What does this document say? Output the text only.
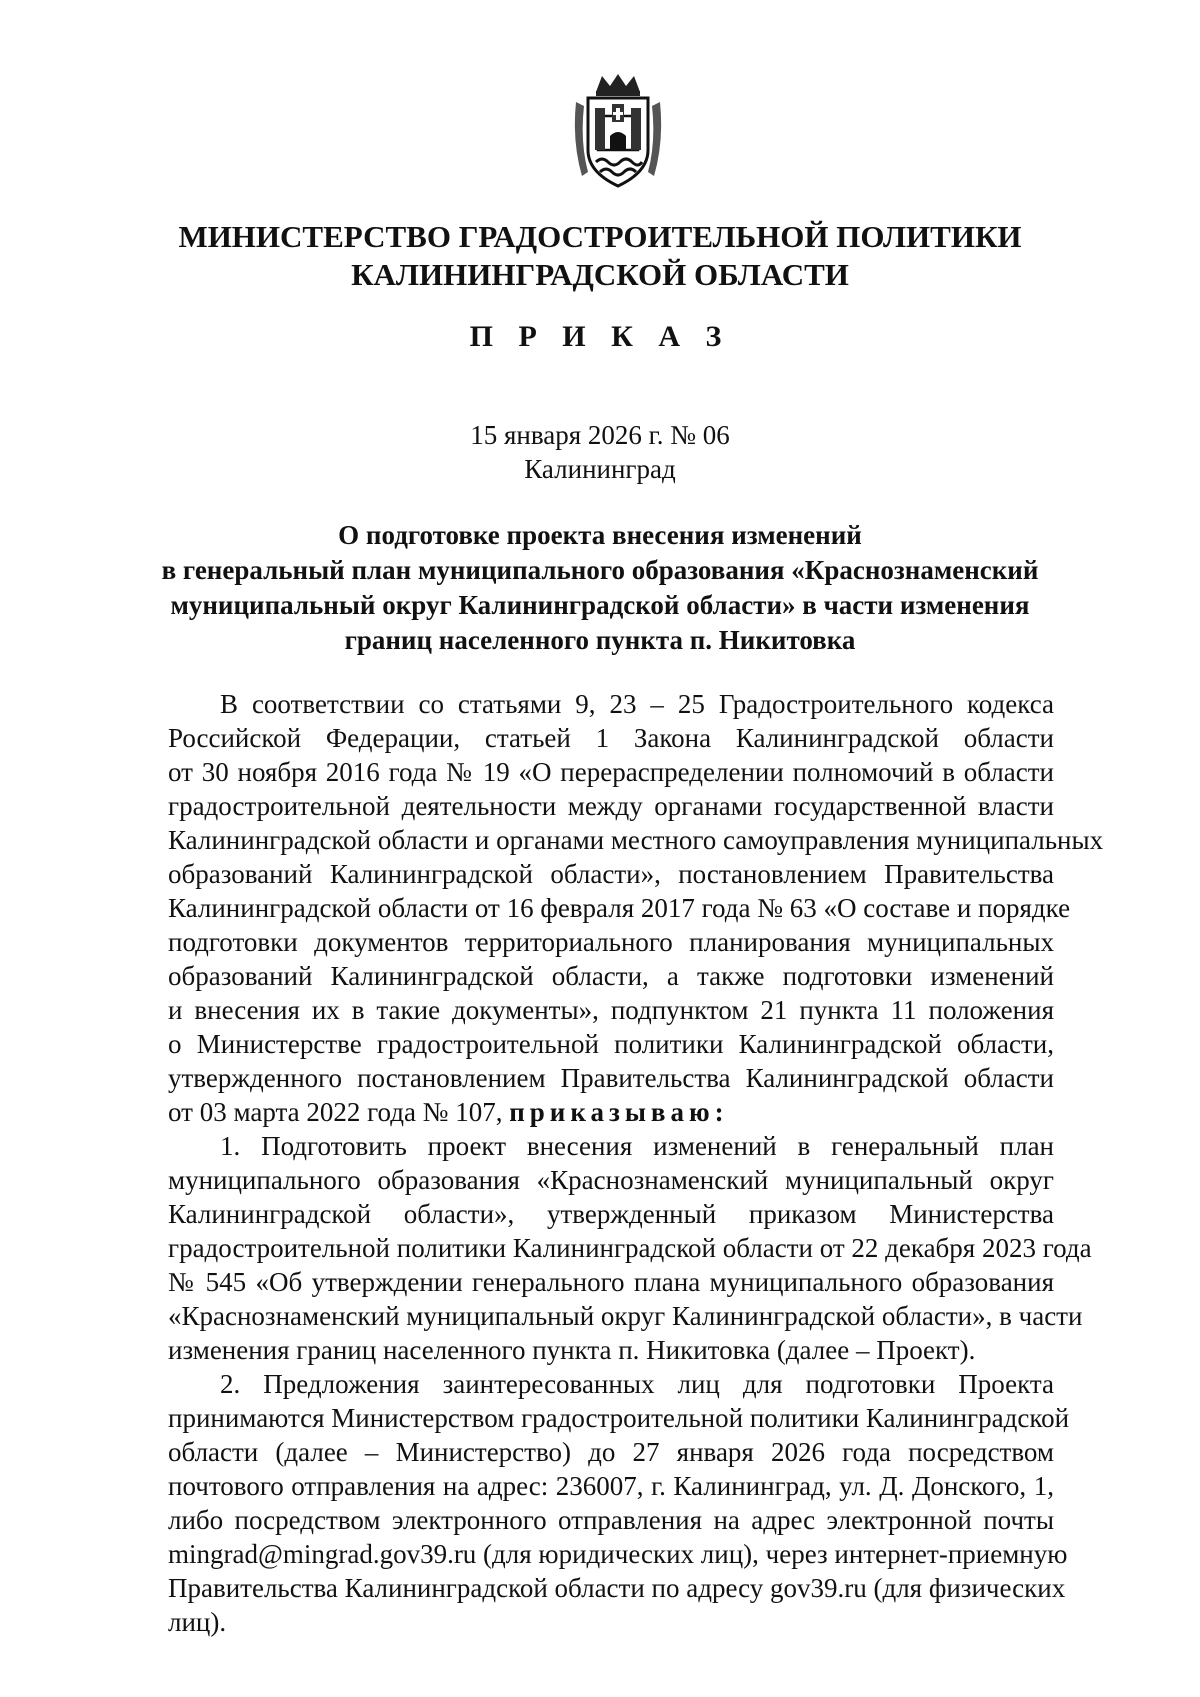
МИНИСТЕРСТВО ГРАДОСТРОИТЕЛЬНОЙ ПОЛИТИКИ
КАЛИНИНГРАДСКОЙ ОБЛАСТИ
П Р И К А З
15 января 2026 г. № 06
Калининград
О подготовке проекта внесения изменений
в генеральный план муниципального образования «Краснознаменский
муниципальный округ Калининградской области» в части изменения
границ населенного пункта п. Никитовка
В соответствии со статьями 9, 23 – 25 Градостроительного кодекса
Российской Федерации, статьей 1 Закона Калининградской области
от 30 ноября 2016 года № 19 «О перераспределении полномочий в области
градостроительной деятельности между органами государственной власти
Калининградской области и органами местного самоуправления муниципальных
образований Калининградской области», постановлением Правительства
Калининградской области от 16 февраля 2017 года № 63 «О составе и порядке
подготовки документов территориального планирования муниципальных
образований Калининградской области, а также подготовки изменений
и внесения их в такие документы», подпунктом 21 пункта 11 положения
о Министерстве градостроительной политики Калининградской области,
утвержденного постановлением Правительства Калининградской области
от 03 марта 2022 года № 107, приказываю:
1. Подготовить проект внесения изменений в генеральный план
муниципального образования «Краснознаменский муниципальный округ
Калининградской области», утвержденный приказом Министерства
градостроительной политики Калининградской области от 22 декабря 2023 года
№ 545 «Об утверждении генерального плана муниципального образования
«Краснознаменский муниципальный округ Калининградской области», в части
изменения границ населенного пункта п. Никитовка (далее – Проект).
2. Предложения заинтересованных лиц для подготовки Проекта
принимаются Министерством градостроительной политики Калининградской
области (далее – Министерство) до 27 января 2026 года посредством
почтового отправления на адрес: 236007, г. Калининград, ул. Д. Донского, 1,
либо посредством электронного отправления на адрес электронной почты
mingrad@mingrad.gov39.ru (для юридических лиц), через интернет-приемную
Правительства Калининградской области по адресу gov39.ru (для физических
лиц).
